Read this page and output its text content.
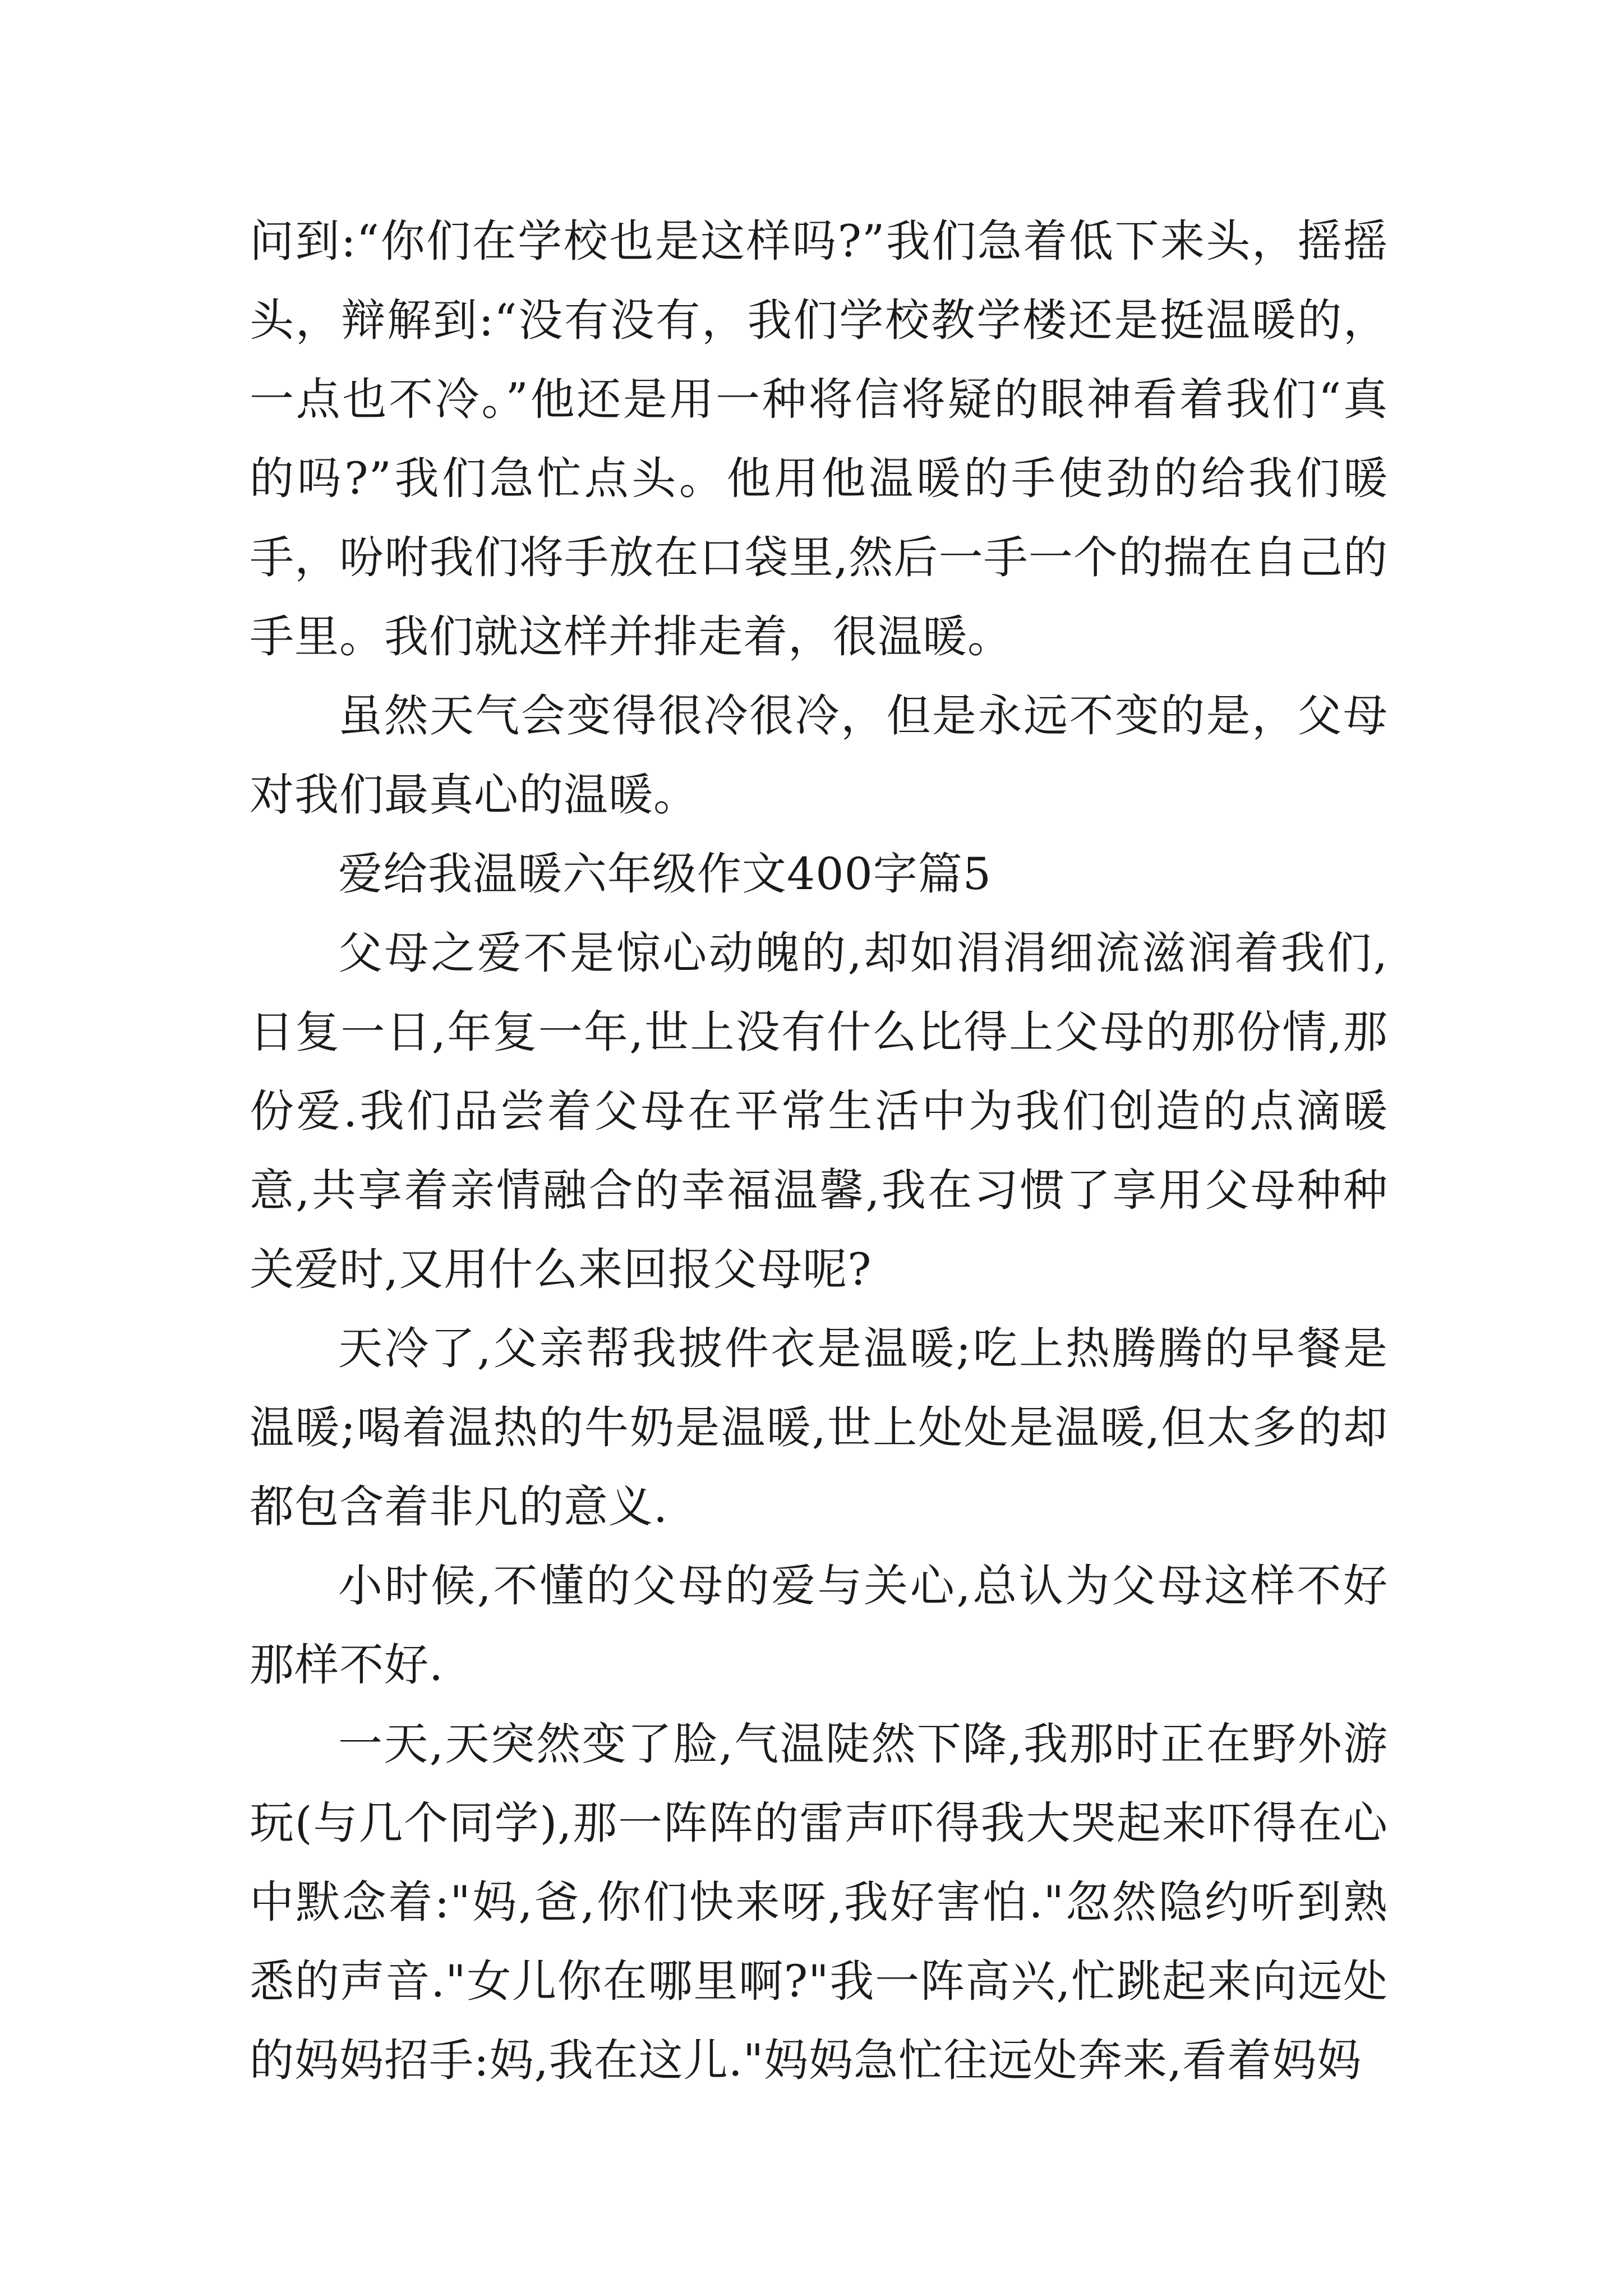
问到:“你们在学校也是这样吗?”我们急着低下来头，摇摇头，辩解到:“没有没有，我们学校教学楼还是挺温暖的，一点也不冷。”他还是用一种将信将疑的眼神看着我们“真的吗?”我们急忙点头。他用他温暖的手使劲的给我们暖手，吩咐我们将手放在口袋里,然后一手一个的揣在自己的手里。我们就这样并排走着，很温暖。

虽然天气会变得很冷很冷，但是永远不变的是，父母对我们最真心的温暖。

爱给我温暖六年级作文400字篇5

父母之爱不是惊心动魄的,却如涓涓细流滋润着我们,日复一日,年复一年,世上没有什么比得上父母的那份情,那份爱.我们品尝着父母在平常生活中为我们创造的点滴暖意,共享着亲情融合的幸福温馨,我在习惯了享用父母种种关爱时,又用什么来回报父母呢?

天冷了,父亲帮我披件衣是温暖;吃上热腾腾的早餐是温暖;喝着温热的牛奶是温暖,世上处处是温暖,但太多的却都包含着非凡的意义.

小时候,不懂的父母的爱与关心,总认为父母这样不好那样不好.

一天,天突然变了脸,气温陡然下降,我那时正在野外游玩(与几个同学),那一阵阵的雷声吓得我大哭起来吓得在心中默念着:"妈,爸,你们快来呀,我好害怕."忽然隐约听到熟悉的声音."女儿你在哪里啊?"我一阵高兴,忙跳起来向远处的妈妈招手:妈,我在这儿."妈妈急忙往远处奔来,看着妈妈
